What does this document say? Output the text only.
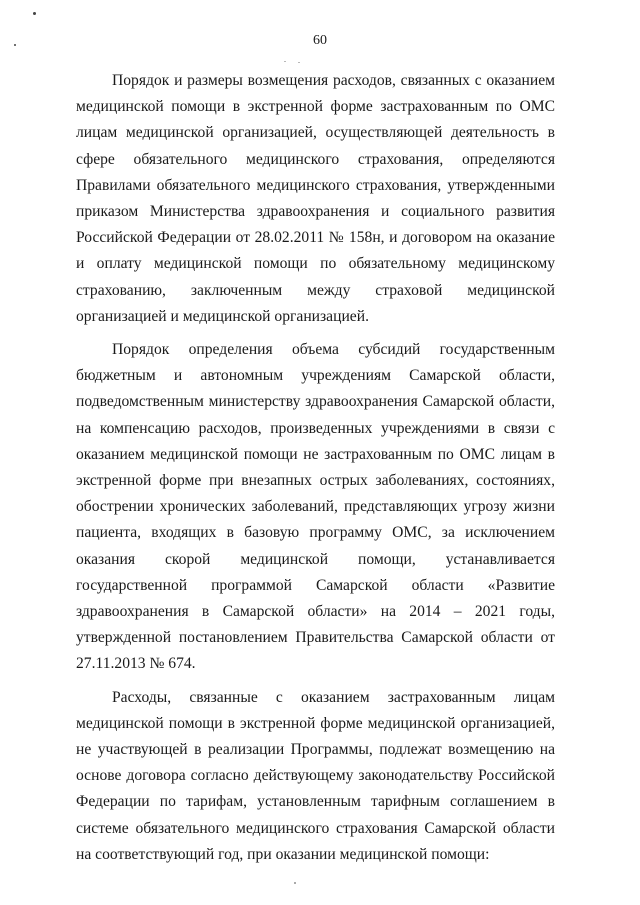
60

Порядок и размеры возмещения расходов, связанных с оказанием медицинской помощи в экстренной форме застрахованным по ОМС лицам медицинской организацией, осуществляющей деятельность в сфере обязательного медицинского страхования, определяются Правилами обязательного медицинского страхования, утвержденными приказом Министерства здравоохранения и социального развития Российской Федерации от 28.02.2011 № 158н, и договором на оказание и оплату медицинской помощи по обязательному медицинскому страхованию, заключенным между страховой медицинской организацией и медицинской организацией.

Порядок определения объема субсидий государственным бюджетным и автономным учреждениям Самарской области, подведомственным министерству здравоохранения Самарской области, на компенсацию расходов, произведенных учреждениями в связи с оказанием медицинской помощи не застрахованным по ОМС лицам в экстренной форме при внезапных острых заболеваниях, состояниях, обострении хронических заболеваний, представляющих угрозу жизни пациента, входящих в базовую программу ОМС, за исключением оказания скорой медицинской помощи, устанавливается государственной программой Самарской области «Развитие здравоохранения в Самарской области» на 2014 – 2021 годы, утвержденной постановлением Правительства Самарской области от 27.11.2013 № 674.

Расходы, связанные с оказанием застрахованным лицам медицинской помощи в экстренной форме медицинской организацией, не участвующей в реализации Программы, подлежат возмещению на основе договора согласно действующему законодательству Российской Федерации по тарифам, установленным тарифным соглашением в системе обязательного медицинского страхования Самарской области на соответствующий год, при оказании медицинской помощи:
